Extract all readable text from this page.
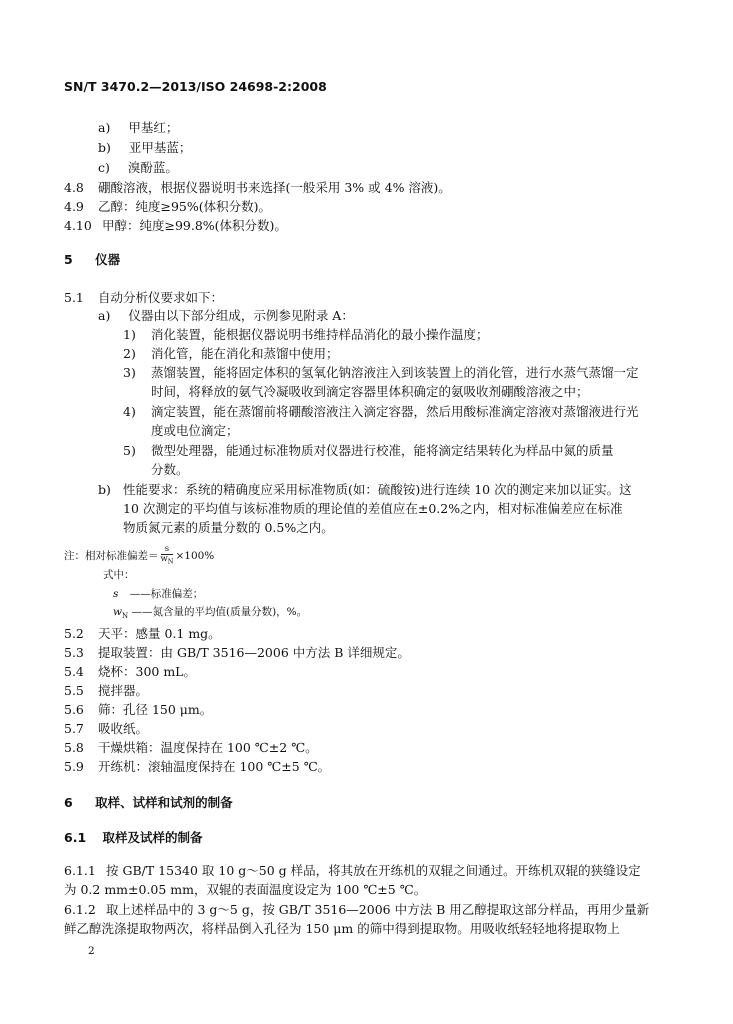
SN/T 3470.2—2013/ISO 24698-2:2008
a) 甲基红；
b) 亚甲基蓝；
c) 溴酚蓝。
4.8 硼酸溶液，根据仪器说明书来选择(一般采用 3% 或 4% 溶液)。
4.9 乙醇：纯度≥95%(体积分数)。
4.10 甲醇：纯度≥99.8%(体积分数)。
5 仪器
5.1 自动分析仪要求如下：
a) 仪器由以下部分组成，示例参见附录 A：
1) 消化装置，能根据仪器说明书维持样品消化的最小操作温度；
2) 消化管，能在消化和蒸馏中使用；
3) 蒸馏装置，能将固定体积的氢氧化钠溶液注入到该装置上的消化管，进行水蒸气蒸馏一定
时间，将释放的氨气冷凝吸收到滴定容器里体积确定的氨吸收剂硼酸溶液之中；
4) 滴定装置，能在蒸馏前将硼酸溶液注入滴定容器，然后用酸标准滴定溶液对蒸馏液进行光
度或电位滴定；
5) 微型处理器，能通过标准物质对仪器进行校准，能将滴定结果转化为样品中氮的质量
分数。
b) 性能要求：系统的精确度应采用标准物质(如：硫酸铵)进行连续 10 次的测定来加以证实。这
10 次测定的平均值与该标准物质的理论值的差值应在±0.2%之内，相对标准偏差应在标准
物质氮元素的质量分数的 0.5%之内。
注：相对标准偏差＝ $\frac{s}{w_N} \times 100\%$
式中：
s ——标准偏差；
$w_N$ ——氮含量的平均值(质量分数)，%。
5.2 天平：感量 0.1 mg。
5.3 提取装置：由 GB/T 3516—2006 中方法 B 详细规定。
5.4 烧杯：300 mL。
5.5 搅拌器。
5.6 筛：孔径 150 μm。
5.7 吸收纸。
5.8 干燥烘箱：温度保持在 100 ℃±2 ℃。
5.9 开练机：滚轴温度保持在 100 ℃±5 ℃。
6 取样、试样和试剂的制备
6.1 取样及试样的制备
6.1.1 按 GB/T 15340 取 10 g～50 g 样品，将其放在开练机的双辊之间通过。开练机双辊的狭缝设定
为 0.2 mm±0.05 mm，双辊的表面温度设定为 100 ℃±5 ℃。
6.1.2 取上述样品中的 3 g～5 g，按 GB/T 3516—2006 中方法 B 用乙醇提取这部分样品，再用少量新
鲜乙醇洗涤提取物两次，将样品倒入孔径为 150 μm 的筛中得到提取物。用吸收纸轻轻地将提取物上
2
